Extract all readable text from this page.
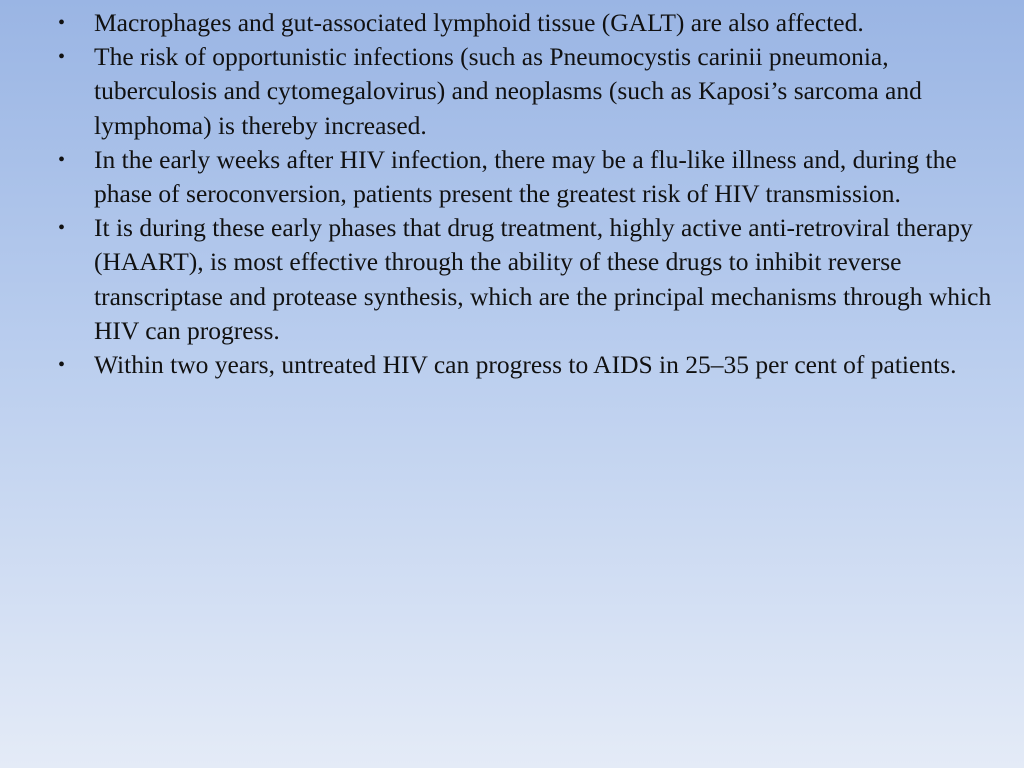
• Macrophages and gut-associated lymphoid tissue (GALT) are also affected.
• The risk of opportunistic infections (such as Pneumocystis carinii pneumonia, tuberculosis and cytomegalovirus) and neoplasms (such as Kaposi’s sarcoma and lymphoma) is thereby increased.
• In the early weeks after HIV infection, there may be a flu-like illness and, during the phase of seroconversion, patients present the greatest risk of HIV transmission.
• It is during these early phases that drug treatment, highly active anti-retroviral therapy (HAART), is most effective through the ability of these drugs to inhibit reverse transcriptase and protease synthesis, which are the principal mechanisms through which HIV can progress.
• Within two years, untreated HIV can progress to AIDS in 25–35 per cent of patients.
